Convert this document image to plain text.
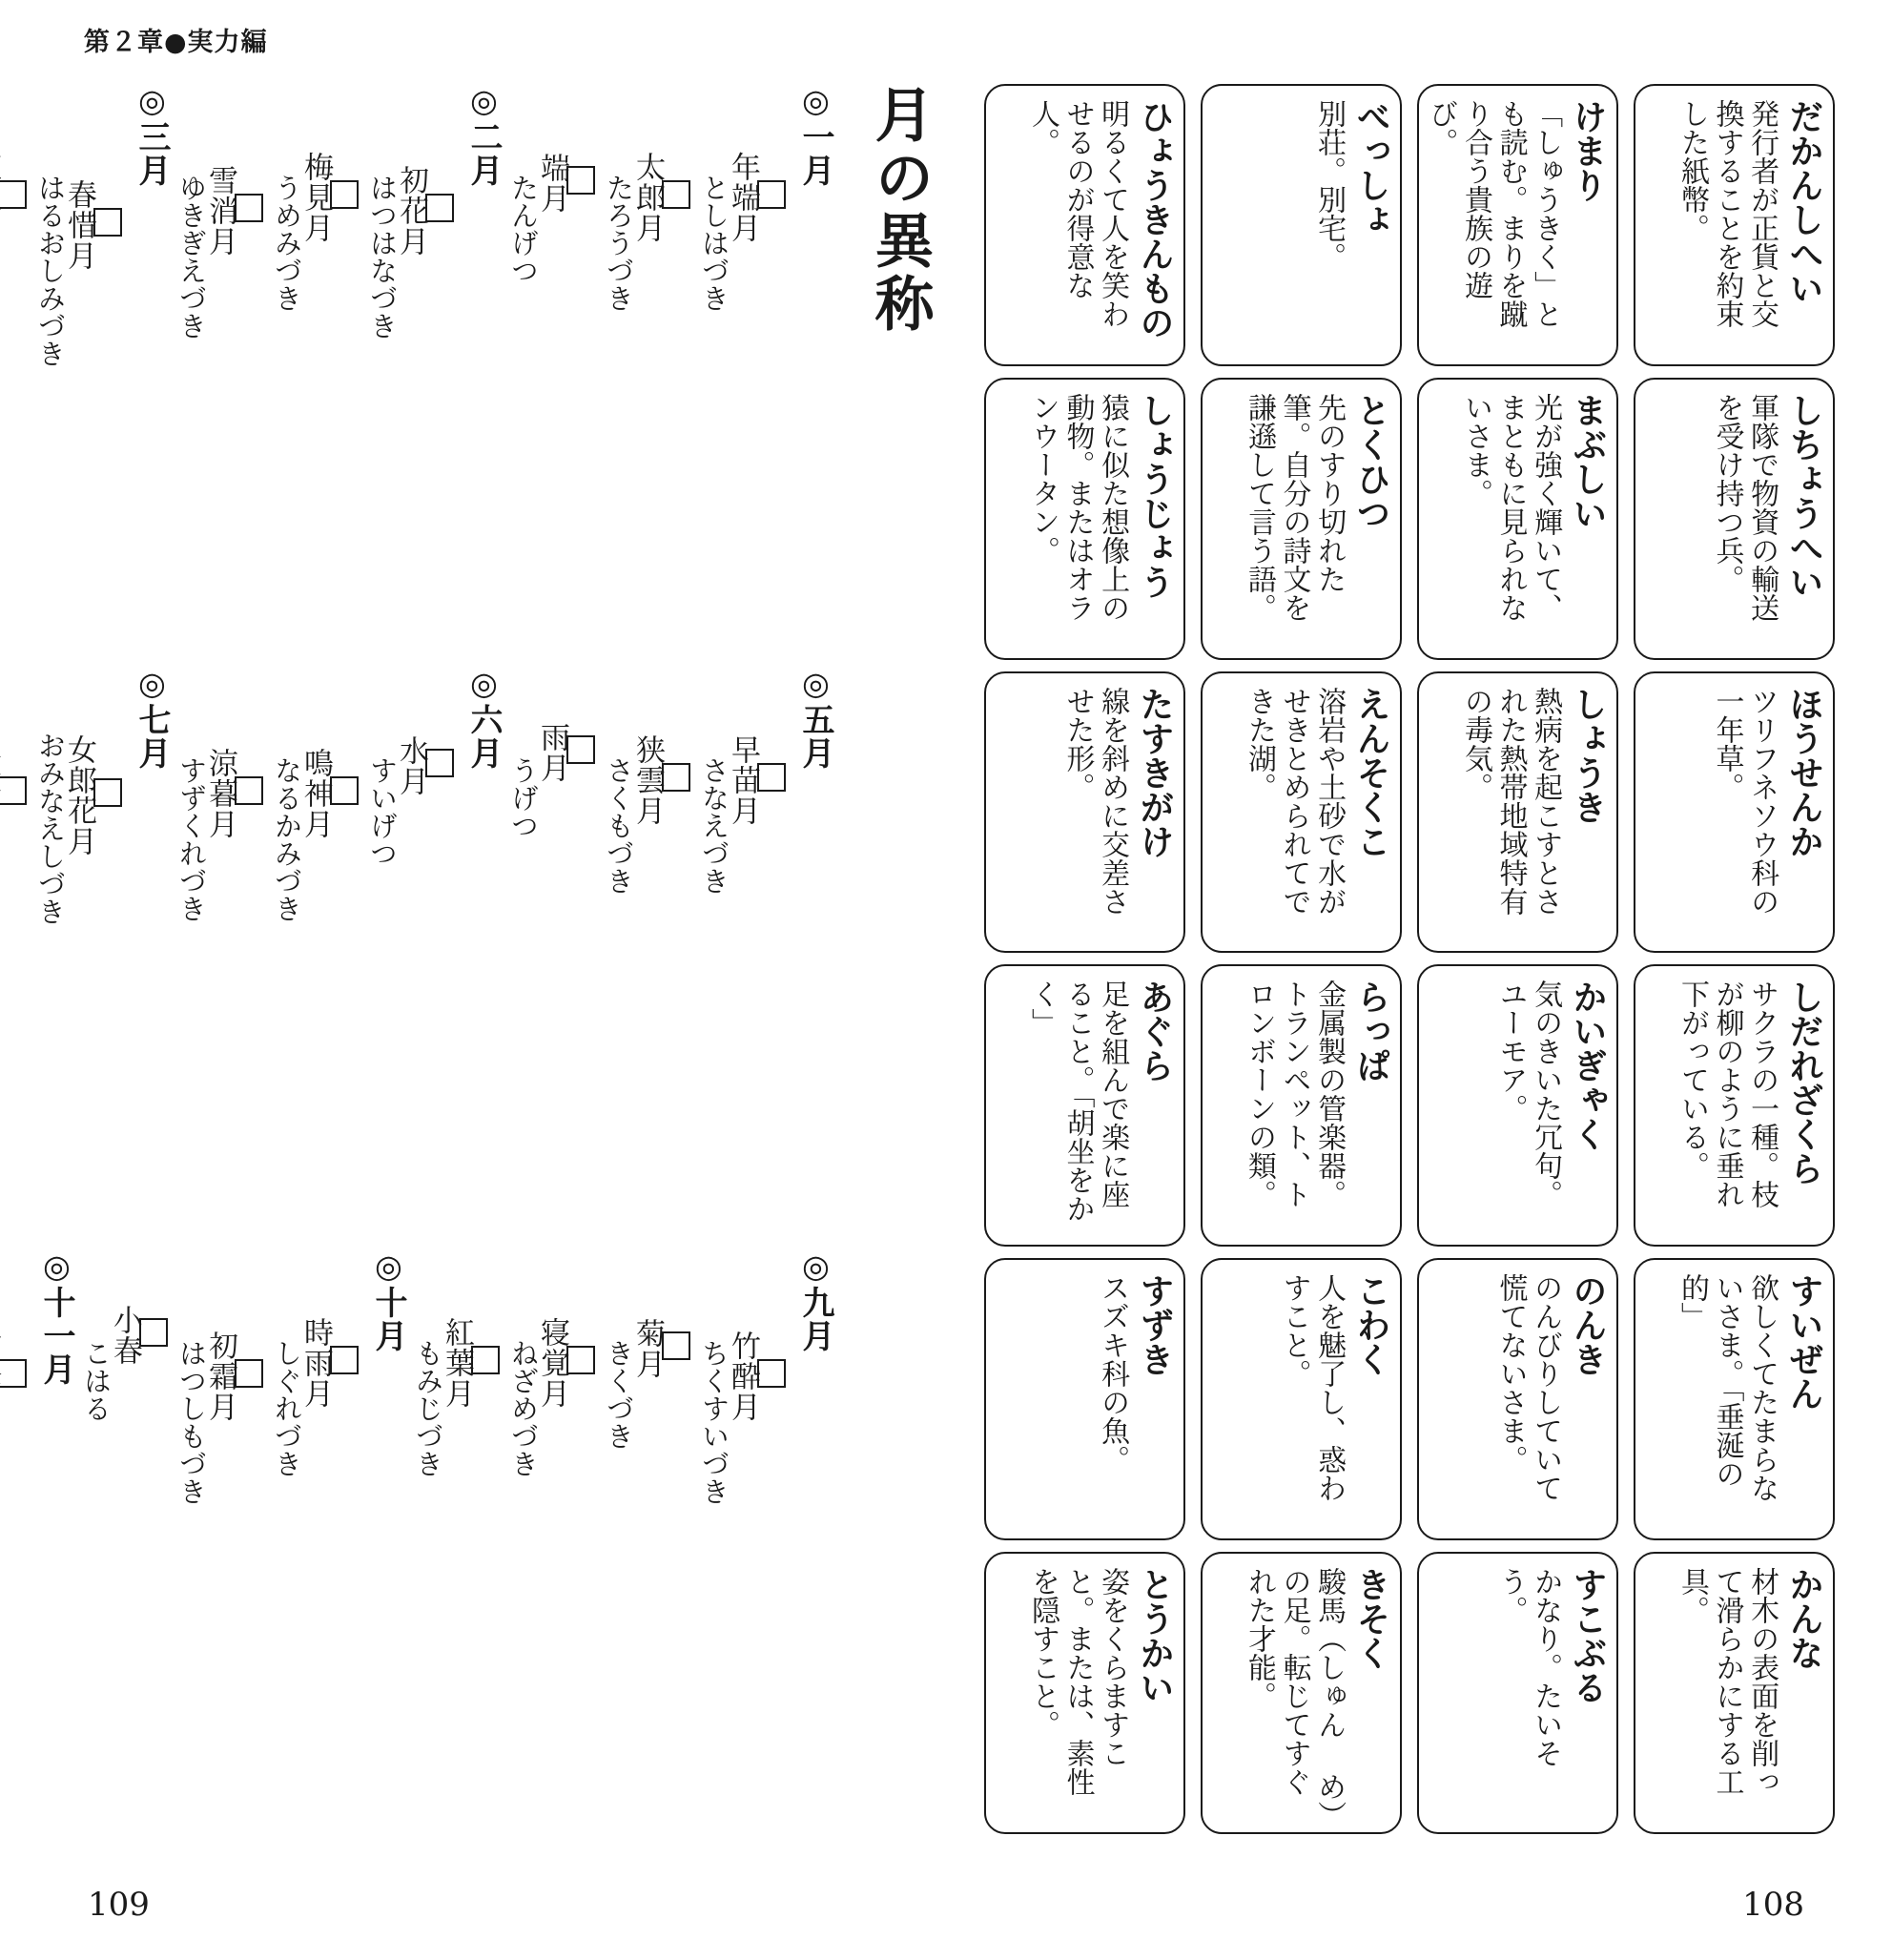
第２章●実力編
月の異称
◎一月
年端月
としはづき
太郎月
たろうづき
端月
たんげつ
◎二月
初花月
はつはなづき
梅見月
うめみづき
雪消月
ゆきぎえづき
◎三月
春惜月
はるおしみづき
◎五月
早苗月
さなえづき
狭雲月
さくもづき
雨月
うげつ
◎六月
水月
すいげつ
鳴神月
なるかみづき
涼暮月
すずくれづき
◎七月
女郎花月
おみなえしづき
◎九月
竹酔月
ちくすいづき
菊月
きくづき
寝覚月
ねざめづき
紅葉月
もみじづき
◎十月
時雨月
しぐれづき
初霜月
はつしもづき
小春
こはる
◎十一月
109
だかんしへい
発行者が正貨と交換することを約束した紙幣。
けまり
「しゅうきく」とも読む。まりを蹴り合う貴族の遊び。
べっしょ
別荘。別宅。
ひょうきんもの
明るくて人を笑わせるのが得意な人。
しちょうへい
軍隊で物資の輸送を受け持つ兵。
まぶしい
光が強く輝いて、まともに見られないさま。
とくひつ
先のすり切れた筆。自分の詩文を謙遜して言う語。
しょうじょう
猿に似た想像上の動物。またはオランウータン。
ほうせんか
ツリフネソウ科の一年草。
しょうき
熱病を起こすとされた熱帯地域特有の毒気。
えんそくこ
溶岩や土砂で水がせきとめられてできた湖。
たすきがけ
線を斜めに交差させた形。
しだれざくら
サクラの一種。枝が柳のように垂れ下がっている。
かいぎゃく
気のきいた冗句。ユーモア。
らっぱ
金属製の管楽器。トランペット、トロンボーンの類。
あぐら
足を組んで楽に座ること。「胡坐をかく」
すいぜん
欲しくてたまらないさま。「垂涎の的」
のんき
のんびりしていて慌てないさま。
こわく
人を魅了し、惑わすこと。
すずき
スズキ科の魚。
かんな
材木の表面を削って滑らかにする工具。
すこぶる
かなり。たいそう。
きそく
駿馬（しゅん め）の足。転じてすぐれた才能。
とうかい
姿をくらますこと。または、素性を隠すこと。
108
